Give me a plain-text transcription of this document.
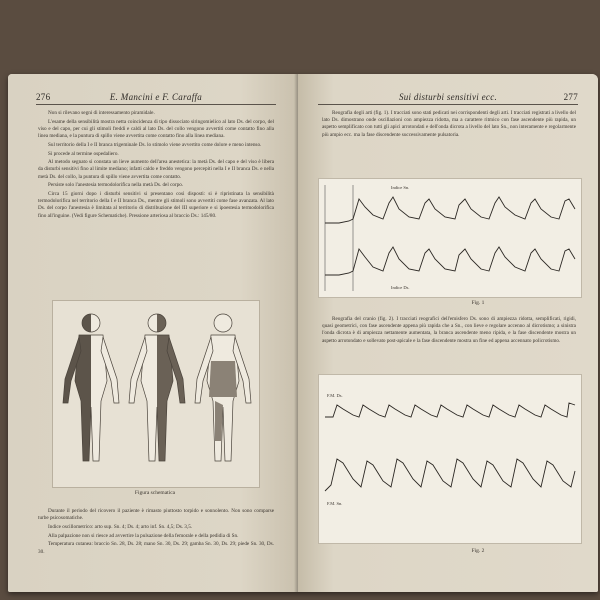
276	E. Mancini e F. Caraffa

Non si rilevano segni di interessamento piramidale.

L'esame della sensibilità mostra netta coincidenza di tipo dissociato siringomielico al lato Ds. del corpo, del viso e del capo, per cui gli stimoli freddi e caldi al lato Ds. del collo vengono avvertiti come contatto fino alla linea mediana, e la puntura di spillo viene avvertita come contatto fino alla linea mediana.

Sul territorio della I e II branca trigeminale Ds. lo stimolo viene avvertito come dolore e meno intenso.

Si procede al termine ospedaliero.

Al metodo segnato si constata un lieve aumento dell'area anestetica: la metà Ds. del capo e del viso è libera da disturbi sensitivi fino al limite mediano; infatti caldo e freddo vengono percepiti nella I e II branca Ds. e nella metà Ds. del collo, la puntura di spillo viene avvertita come contatto.

Persiste solo l'anestesia termodolorifica nella metà Ds. del corpo.

Circa 15 giorni dopo i disturbi sensitivi si presentano così disposti: si è ripristinata la sensibilità termodolorifica nel territorio della I e II branca Ds., mentre gli stimoli sono avvertiti come fase avanzata. Al lato Ds. del corpo l'anestesia è limitata al territorio di distribuzione del III superiore e si ipoestesia termodolorifica fino all'inguine. (Vedi figure Schematiche). Pressione arteriosa al braccio Ds.: 145/80.

Figura schematica

Durante il periodo del ricovero il paziente è rimasto piuttosto torpido e sonnolento. Non sono comparse turbe psicosomatiche.

Indice oscillometrico: arto sup. Sn. 4; Ds. 4; arto inf. Sn. 4,5; Ds. 3,5.

Alla palpazione non si riesce ad avvertire la pulsazione della femorale e della pedidia di Sn.

Temperatura cutanea: braccio Sn. 28, Ds. 28; mano Sn. 30, Ds. 29; gamba Sn. 30, Ds. 29; piede Sn. 30, Ds. 30.

Sui disturbi sensitivi ecc.	277

Reografia degli arti (fig. 1). I tracciati sono stati pedicati nei corrispondenti degli arti. I tracciati registrati a livello del lato Ds. dimostrano onde oscillazioni con ampiezza ridotta, ma a carattere ritmico con fase ascendente più rapida, un aspetto semplificato con tutti gli apici arrotondati e dell'onda dicrota a livello del lato Sn., non interamente e regolarmente più ampio ecc. ma la fase discendente successivamente pulsatoria.

Indice Sn.
Indice Ds.
Fig. 1

Reografia del cranio (fig. 2). I tracciati reografici dell'emisfero Ds. sono di ampiezza ridotta, semplificati, rigidi, quasi geometrici, con fase ascendente appena più rapida che a Sn., con lieve e regolare accenno al dicrotismo; a sinistra l'onda dicrota è di ampiezza nettamente aumentata, la branca ascendente meno ripida, e la fase discendente mostra un aspetto arrotondato e sollevato post-apicale e la fase discendente mostra un fine ed appena accennato policrotismo.

F.M. Ds.
F.M. Sn.
Fig. 2
